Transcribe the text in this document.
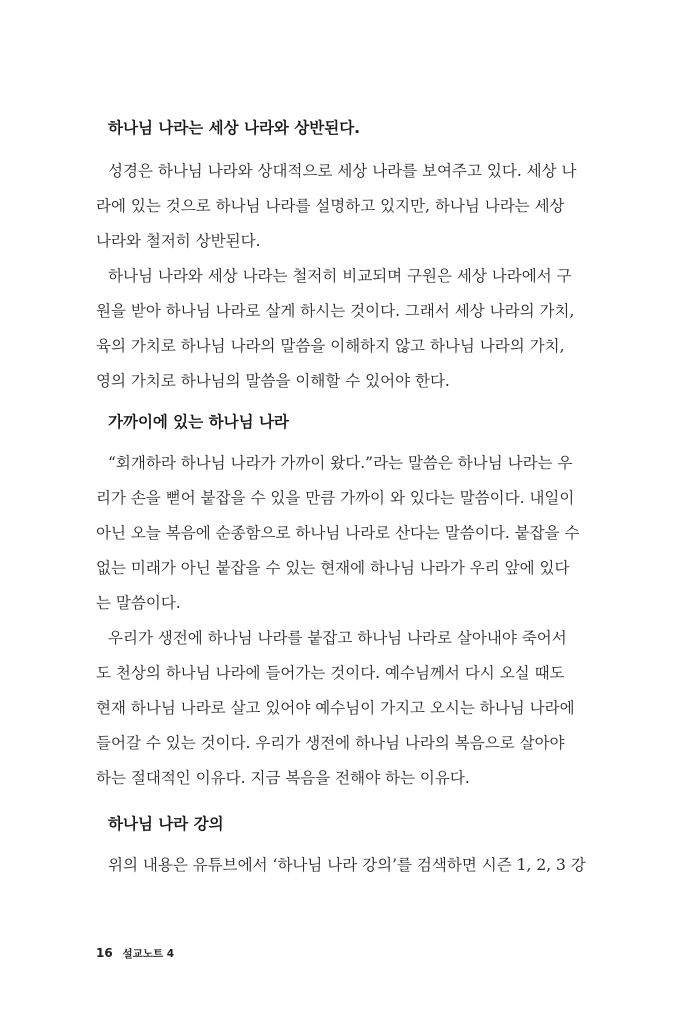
하나님 나라는 세상 나라와 상반된다.

성경은 하나님 나라와 상대적으로 세상 나라를 보여주고 있다. 세상 나
라에 있는 것으로 하나님 나라를 설명하고 있지만, 하나님 나라는 세상
나라와 철저히 상반된다.

하나님 나라와 세상 나라는 철저히 비교되며 구원은 세상 나라에서 구
원을 받아 하나님 나라로 살게 하시는 것이다. 그래서 세상 나라의 가치,
육의 가치로 하나님 나라의 말씀을 이해하지 않고 하나님 나라의 가치,
영의 가치로 하나님의 말씀을 이해할 수 있어야 한다.

가까이에 있는 하나님 나라

“회개하라 하나님 나라가 가까이 왔다.”라는 말씀은 하나님 나라는 우
리가 손을 뻗어 붙잡을 수 있을 만큼 가까이 와 있다는 말씀이다. 내일이
아닌 오늘 복음에 순종함으로 하나님 나라로 산다는 말씀이다. 붙잡을 수
없는 미래가 아닌 붙잡을 수 있는 현재에 하나님 나라가 우리 앞에 있다
는 말씀이다.

우리가 생전에 하나님 나라를 붙잡고 하나님 나라로 살아내야 죽어서
도 천상의 하나님 나라에 들어가는 것이다. 예수님께서 다시 오실 때도
현재 하나님 나라로 살고 있어야 예수님이 가지고 오시는 하나님 나라에
들어갈 수 있는 것이다. 우리가 생전에 하나님 나라의 복음으로 살아야
하는 절대적인 이유다. 지금 복음을 전해야 하는 이유다.

하나님 나라 강의

위의 내용은 유튜브에서 ‘하나님 나라 강의’를 검색하면 시즌 1, 2, 3 강

16 설교노트 4
